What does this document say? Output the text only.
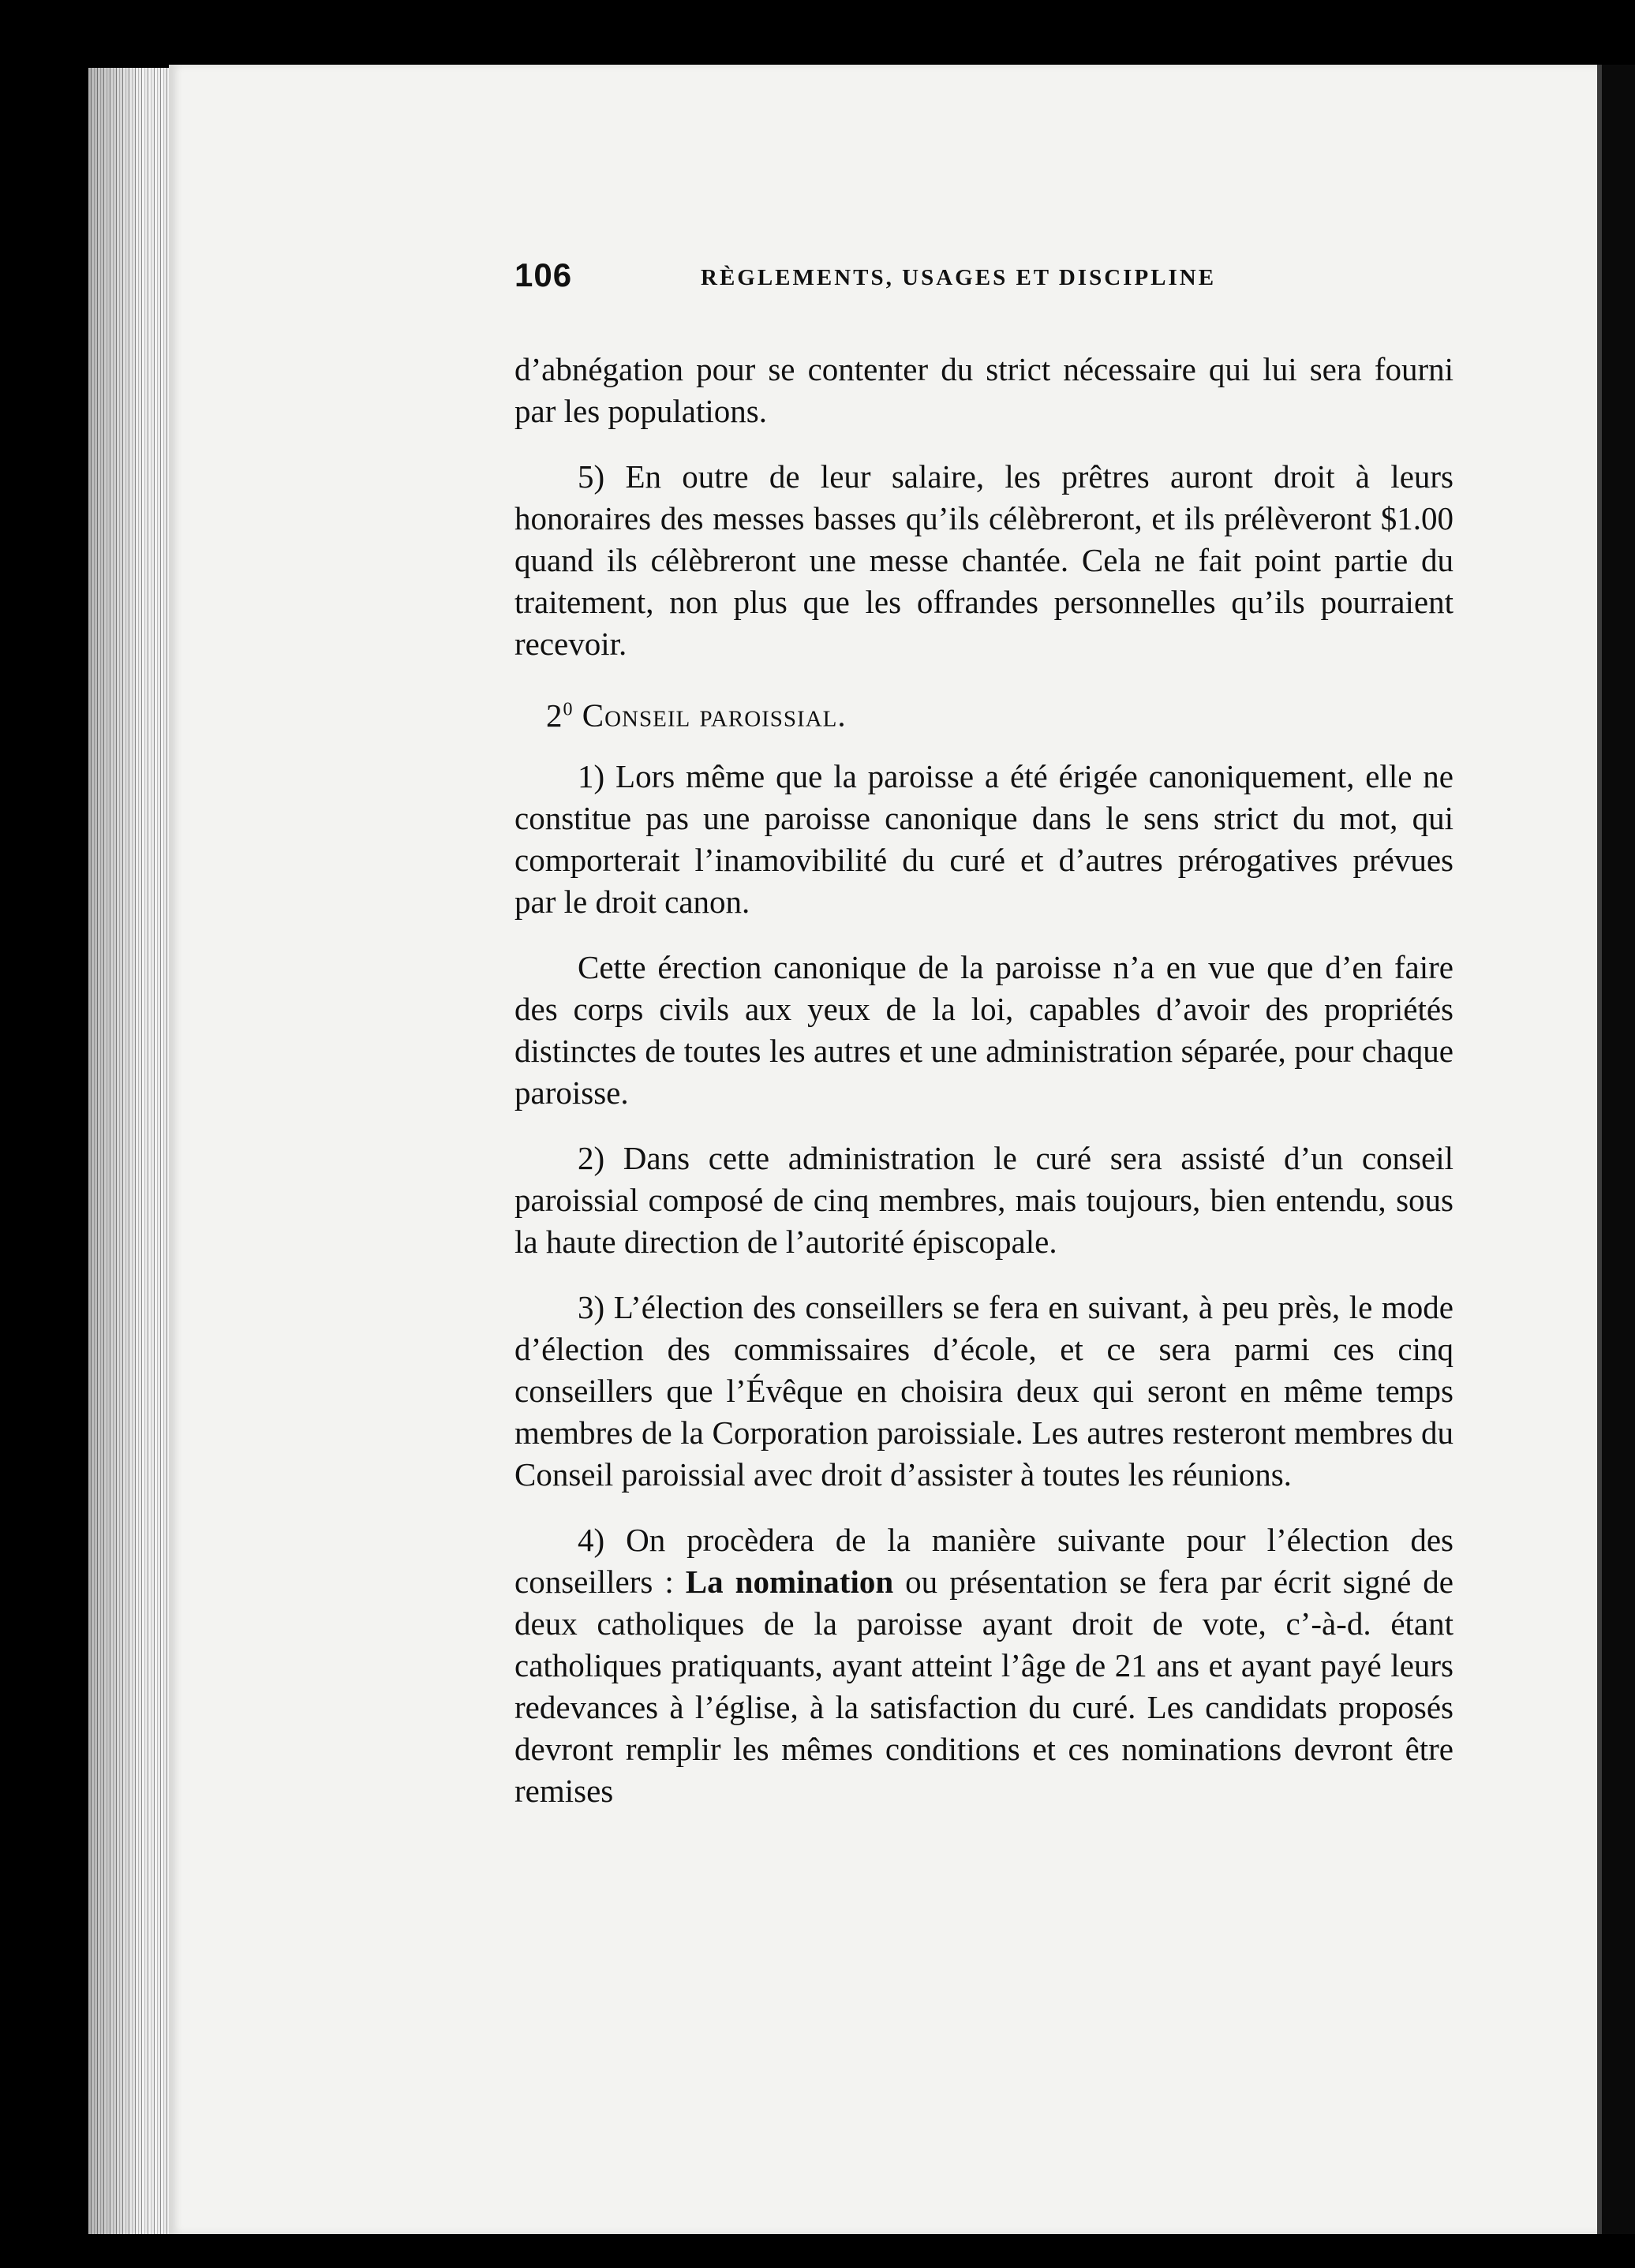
106	RÈGLEMENTS, USAGES ET DISCIPLINE

d’abnégation pour se contenter du strict nécessaire qui lui sera fourni par les populations.

5) En outre de leur salaire, les prêtres auront droit à leurs honoraires des messes basses qu’ils célèbreront, et ils prélèveront $1.00 quand ils célèbreront une messe chantée. Cela ne fait point partie du traitement, non plus que les offrandes personnelles qu’ils pourraient recevoir.

$2^0$ Conseil paroissial.

1) Lors même que la paroisse a été érigée canoniquement, elle ne constitue pas une paroisse canonique dans le sens strict du mot, qui comporterait l’inamovibilité du curé et d’autres prérogatives prévues par le droit canon.

Cette érection canonique de la paroisse n’a en vue que d’en faire des corps civils aux yeux de la loi, capables d’avoir des propriétés distinctes de toutes les autres et une administration séparée, pour chaque paroisse.

2) Dans cette administration le curé sera assisté d’un conseil paroissial composé de cinq membres, mais toujours, bien entendu, sous la haute direction de l’autorité épiscopale.

3) L’élection des conseillers se fera en suivant, à peu près, le mode d’élection des commissaires d’école, et ce sera parmi ces cinq conseillers que l’Évêque en choisira deux qui seront en même temps membres de la Corporation paroissiale. Les autres resteront membres du Conseil paroissial avec droit d’assister à toutes les réunions.

4) On procèdera de la manière suivante pour l’élection des conseillers : La nomination ou présentation se fera par écrit signé de deux catholiques de la paroisse ayant droit de vote, c’-à-d. étant catholiques pratiquants, ayant atteint l’âge de 21 ans et ayant payé leurs redevances à l’église, à la satisfaction du curé. Les candidats proposés devront remplir les mêmes conditions et ces nominations devront être remises
